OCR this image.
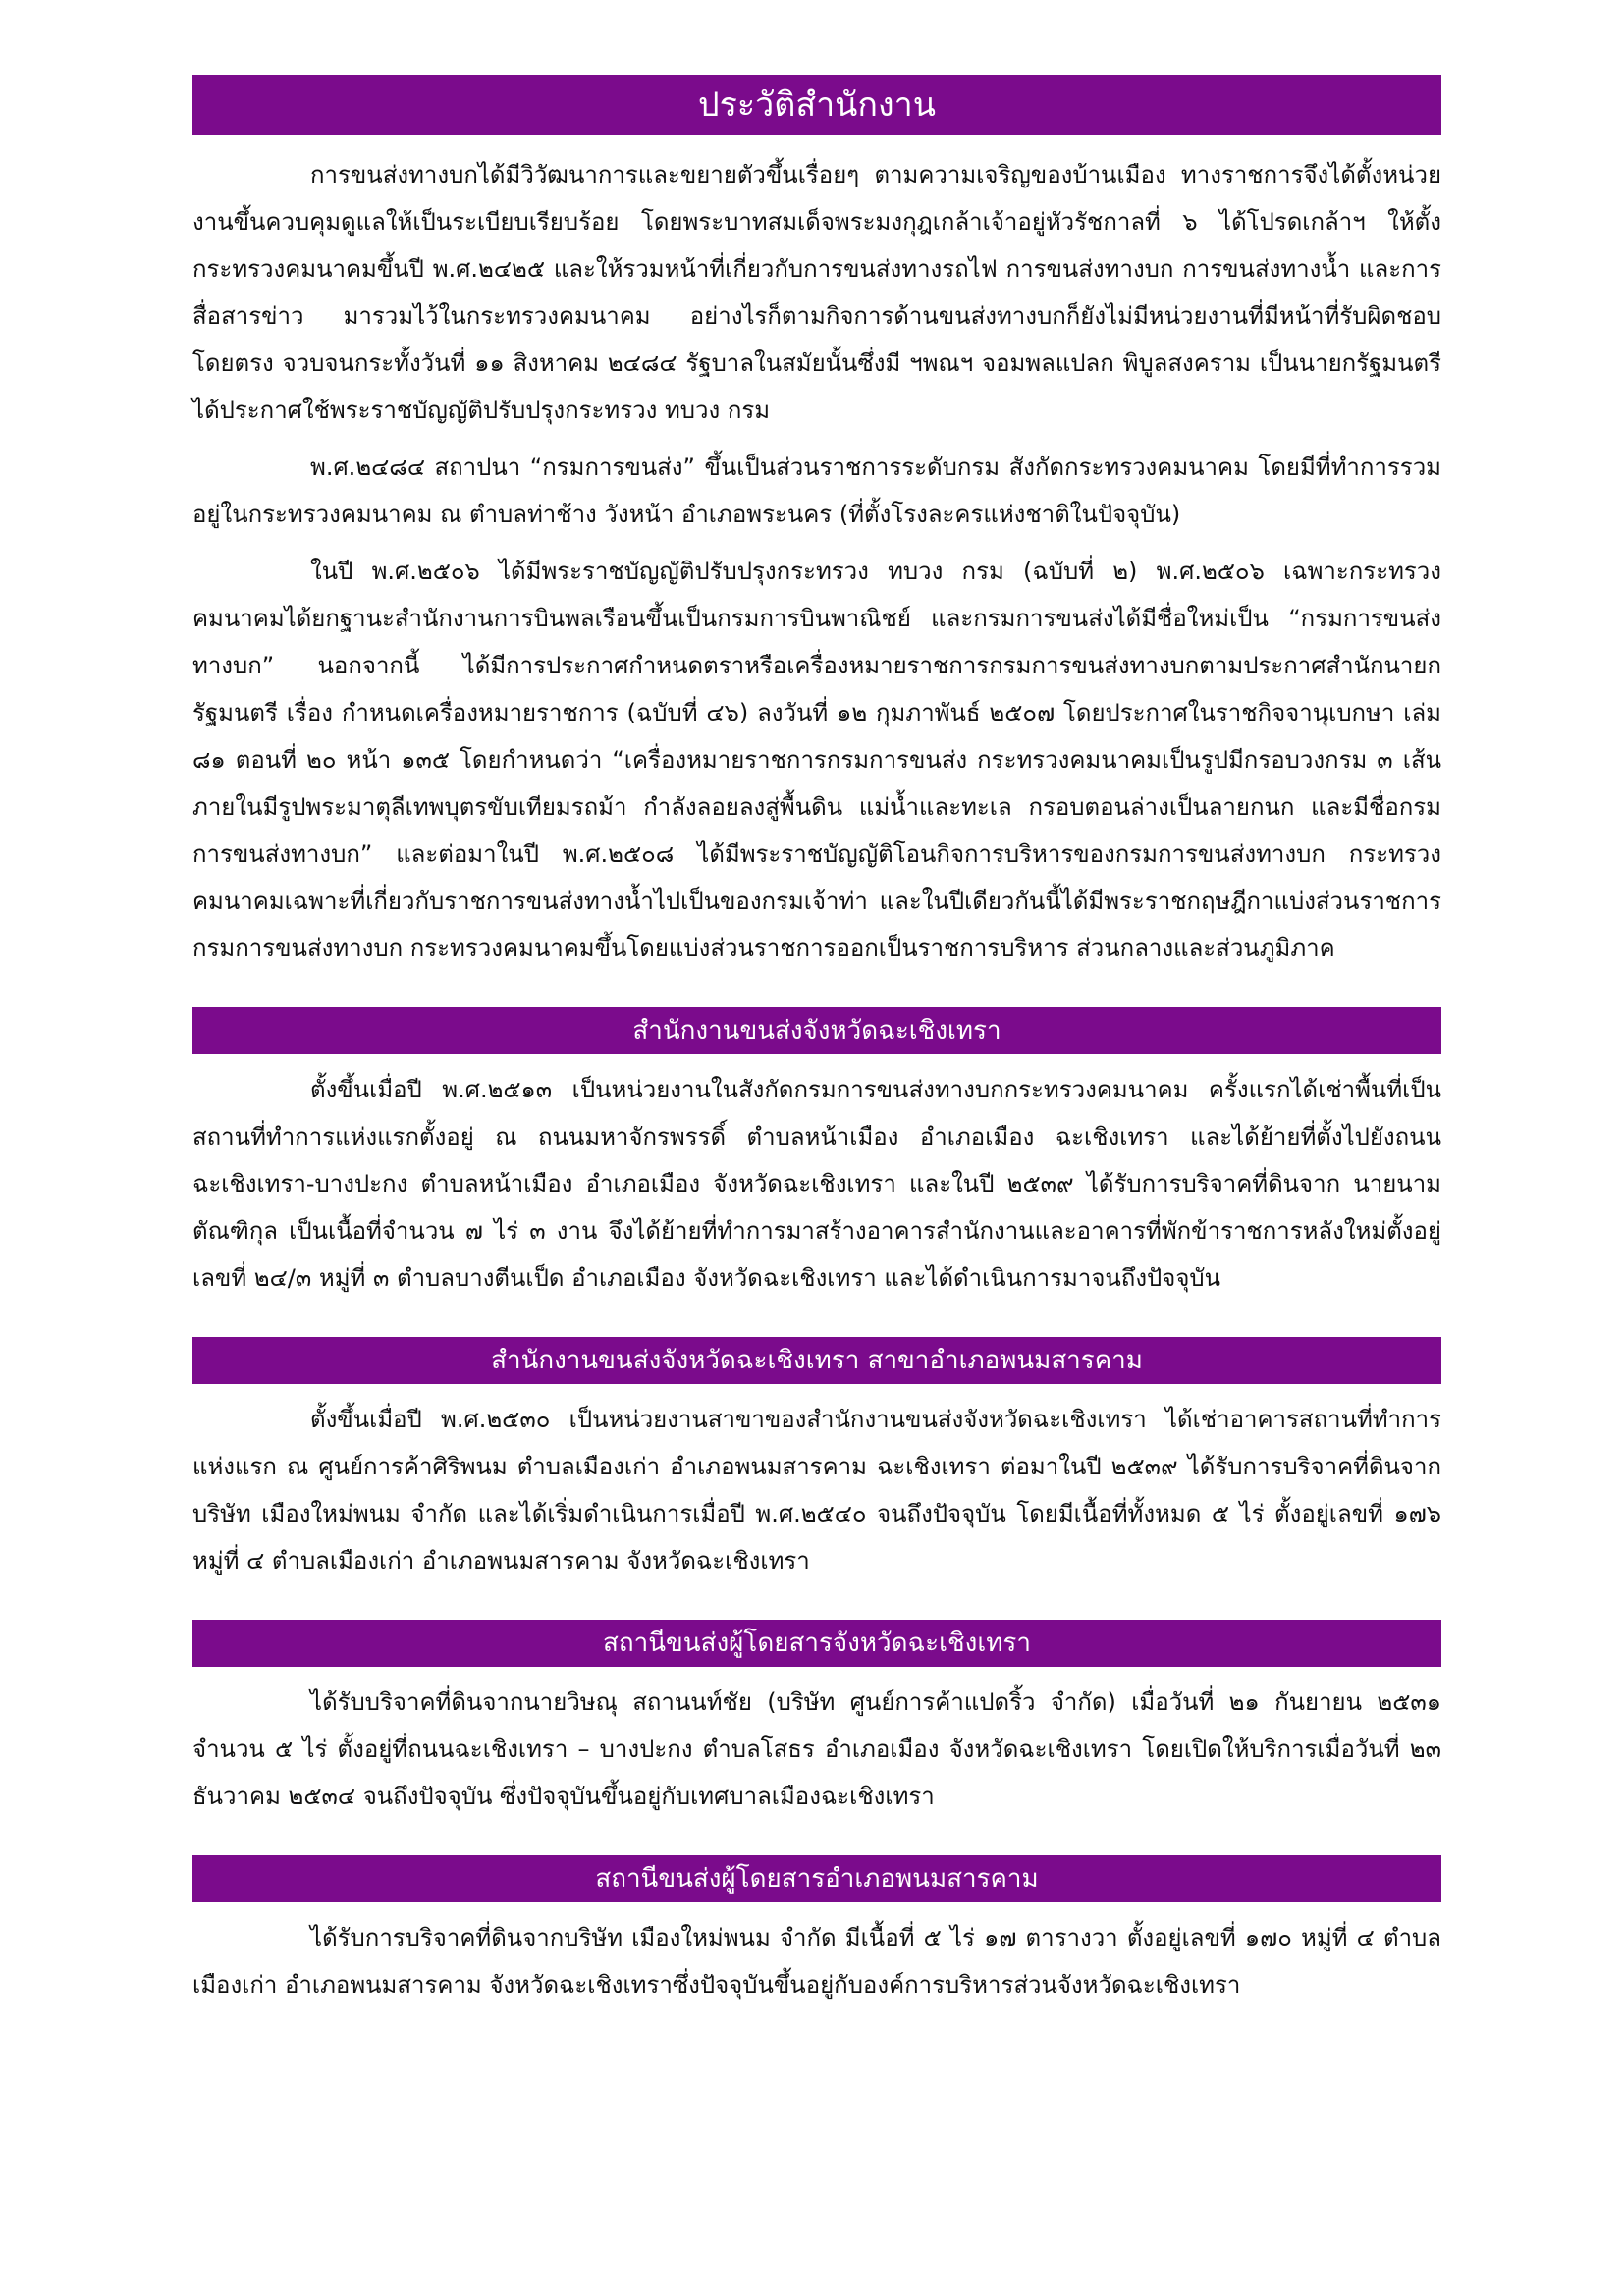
ประวัติสำนักงาน

การขนส่งทางบกได้มีวิวัฒนาการและขยายตัวขึ้นเรื่อยๆ ตามความเจริญของบ้านเมือง ทางราชการจึงได้ตั้งหน่วยงานขึ้นควบคุมดูแลให้เป็นระเบียบเรียบร้อย โดยพระบาทสมเด็จพระมงกุฎเกล้าเจ้าอยู่หัวรัชกาลที่ ๖ ได้โปรดเกล้าฯ ให้ตั้งกระทรวงคมนาคมขึ้นปี พ.ศ.๒๔๒๕ และให้รวมหน้าที่เกี่ยวกับการขนส่งทางรถไฟ การขนส่งทางบก การขนส่งทางน้ำ และการสื่อสารข่าว มารวมไว้ในกระทรวงคมนาคม อย่างไรก็ตามกิจการด้านขนส่งทางบกก็ยังไม่มีหน่วยงานที่มีหน้าที่รับผิดชอบโดยตรง จวบจนกระทั้งวันที่ ๑๑ สิงหาคม ๒๔๘๔ รัฐบาลในสมัยนั้นซึ่งมี ฯพณฯ จอมพลแปลก พิบูลสงคราม เป็นนายกรัฐมนตรี ได้ประกาศใช้พระราชบัญญัติปรับปรุงกระทรวง ทบวง กรม

พ.ศ.๒๔๘๔ สถาปนา “กรมการขนส่ง” ขึ้นเป็นส่วนราชการระดับกรม สังกัดกระทรวงคมนาคม โดยมีที่ทำการรวมอยู่ในกระทรวงคมนาคม ณ ตำบลท่าช้าง วังหน้า อำเภอพระนคร (ที่ตั้งโรงละครแห่งชาติในปัจจุบัน)

ในปี พ.ศ.๒๕๐๖ ได้มีพระราชบัญญัติปรับปรุงกระทรวง ทบวง กรม (ฉบับที่ ๒) พ.ศ.๒๕๐๖ เฉพาะกระทรวงคมนาคมได้ยกฐานะสำนักงานการบินพลเรือนขึ้นเป็นกรมการบินพาณิชย์ และกรมการขนส่งได้มีชื่อใหม่เป็น “กรมการขนส่งทางบก” นอกจากนี้ ได้มีการประกาศกำหนดตราหรือเครื่องหมายราชการกรมการขนส่งทางบกตามประกาศสำนักนายกรัฐมนตรี เรื่อง กำหนดเครื่องหมายราชการ (ฉบับที่ ๔๖) ลงวันที่ ๑๒ กุมภาพันธ์ ๒๕๐๗ โดยประกาศในราชกิจจานุเบกษา เล่ม ๘๑ ตอนที่ ๒๐ หน้า ๑๓๕ โดยกำหนดว่า “เครื่องหมายราชการกรมการขนส่ง กระทรวงคมนาคมเป็นรูปมีกรอบวงกรม ๓ เส้น ภายในมีรูปพระมาตุลีเทพบุตรขับเทียมรถม้า กำลังลอยลงสู่พื้นดิน แม่น้ำและทะเล กรอบตอนล่างเป็นลายกนก และมีชื่อกรมการขนส่งทางบก” และต่อมาในปี พ.ศ.๒๕๐๘ ได้มีพระราชบัญญัติโอนกิจการบริหารของกรมการขนส่งทางบก กระทรวงคมนาคมเฉพาะที่เกี่ยวกับราชการขนส่งทางน้ำไปเป็นของกรมเจ้าท่า และในปีเดียวกันนี้ได้มีพระราชกฤษฎีกาแบ่งส่วนราชการกรมการขนส่งทางบก กระทรวงคมนาคมขึ้นโดยแบ่งส่วนราชการออกเป็นราชการบริหาร ส่วนกลางและส่วนภูมิภาค

สำนักงานขนส่งจังหวัดฉะเชิงเทรา

ตั้งขึ้นเมื่อปี พ.ศ.๒๕๑๓ เป็นหน่วยงานในสังกัดกรมการขนส่งทางบกกระทรวงคมนาคม ครั้งแรกได้เช่าพื้นที่เป็นสถานที่ทำการแห่งแรกตั้งอยู่ ณ ถนนมหาจักรพรรดิ์ ตำบลหน้าเมือง อำเภอเมือง ฉะเชิงเทรา และได้ย้ายที่ตั้งไปยังถนนฉะเชิงเทรา-บางปะกง ตำบลหน้าเมือง อำเภอเมือง จังหวัดฉะเชิงเทรา และในปี ๒๕๓๙ ได้รับการบริจาคที่ดินจาก นายนาม ตัณฑิกุล เป็นเนื้อที่จำนวน ๗ ไร่ ๓ งาน จึงได้ย้ายที่ทำการมาสร้างอาคารสำนักงานและอาคารที่พักข้าราชการหลังใหม่ตั้งอยู่เลขที่ ๒๔/๓ หมู่ที่ ๓ ตำบลบางตีนเป็ด อำเภอเมือง จังหวัดฉะเชิงเทรา และได้ดำเนินการมาจนถึงปัจจุบัน

สำนักงานขนส่งจังหวัดฉะเชิงเทรา สาขาอำเภอพนมสารคาม

ตั้งขึ้นเมื่อปี พ.ศ.๒๕๓๐ เป็นหน่วยงานสาขาของสำนักงานขนส่งจังหวัดฉะเชิงเทรา ได้เช่าอาคารสถานที่ทำการแห่งแรก ณ ศูนย์การค้าศิริพนม ตำบลเมืองเก่า อำเภอพนมสารคาม ฉะเชิงเทรา ต่อมาในปี ๒๕๓๙ ได้รับการบริจาคที่ดินจากบริษัท เมืองใหม่พนม จำกัด และได้เริ่มดำเนินการเมื่อปี พ.ศ.๒๕๔๐ จนถึงปัจจุบัน โดยมีเนื้อที่ทั้งหมด ๕ ไร่ ตั้งอยู่เลขที่ ๑๗๖ หมู่ที่ ๔ ตำบลเมืองเก่า อำเภอพนมสารคาม จังหวัดฉะเชิงเทรา

สถานีขนส่งผู้โดยสารจังหวัดฉะเชิงเทรา

ได้รับบริจาคที่ดินจากนายวิษณุ สถานนท์ชัย (บริษัท ศูนย์การค้าแปดริ้ว จำกัด) เมื่อวันที่ ๒๑ กันยายน ๒๕๓๑ จำนวน ๕ ไร่ ตั้งอยู่ที่ถนนฉะเชิงเทรา – บางปะกง ตำบลโสธร อำเภอเมือง จังหวัดฉะเชิงเทรา โดยเปิดให้บริการเมื่อวันที่ ๒๓ ธันวาคม ๒๕๓๔ จนถึงปัจจุบัน ซึ่งปัจจุบันขึ้นอยู่กับเทศบาลเมืองฉะเชิงเทรา

สถานีขนส่งผู้โดยสารอำเภอพนมสารคาม

ได้รับการบริจาคที่ดินจากบริษัท เมืองใหม่พนม จำกัด มีเนื้อที่ ๕ ไร่ ๑๗ ตารางวา ตั้งอยู่เลขที่ ๑๗๐ หมู่ที่ ๔ ตำบลเมืองเก่า อำเภอพนมสารคาม จังหวัดฉะเชิงเทราซึ่งปัจจุบันขึ้นอยู่กับองค์การบริหารส่วนจังหวัดฉะเชิงเทรา
